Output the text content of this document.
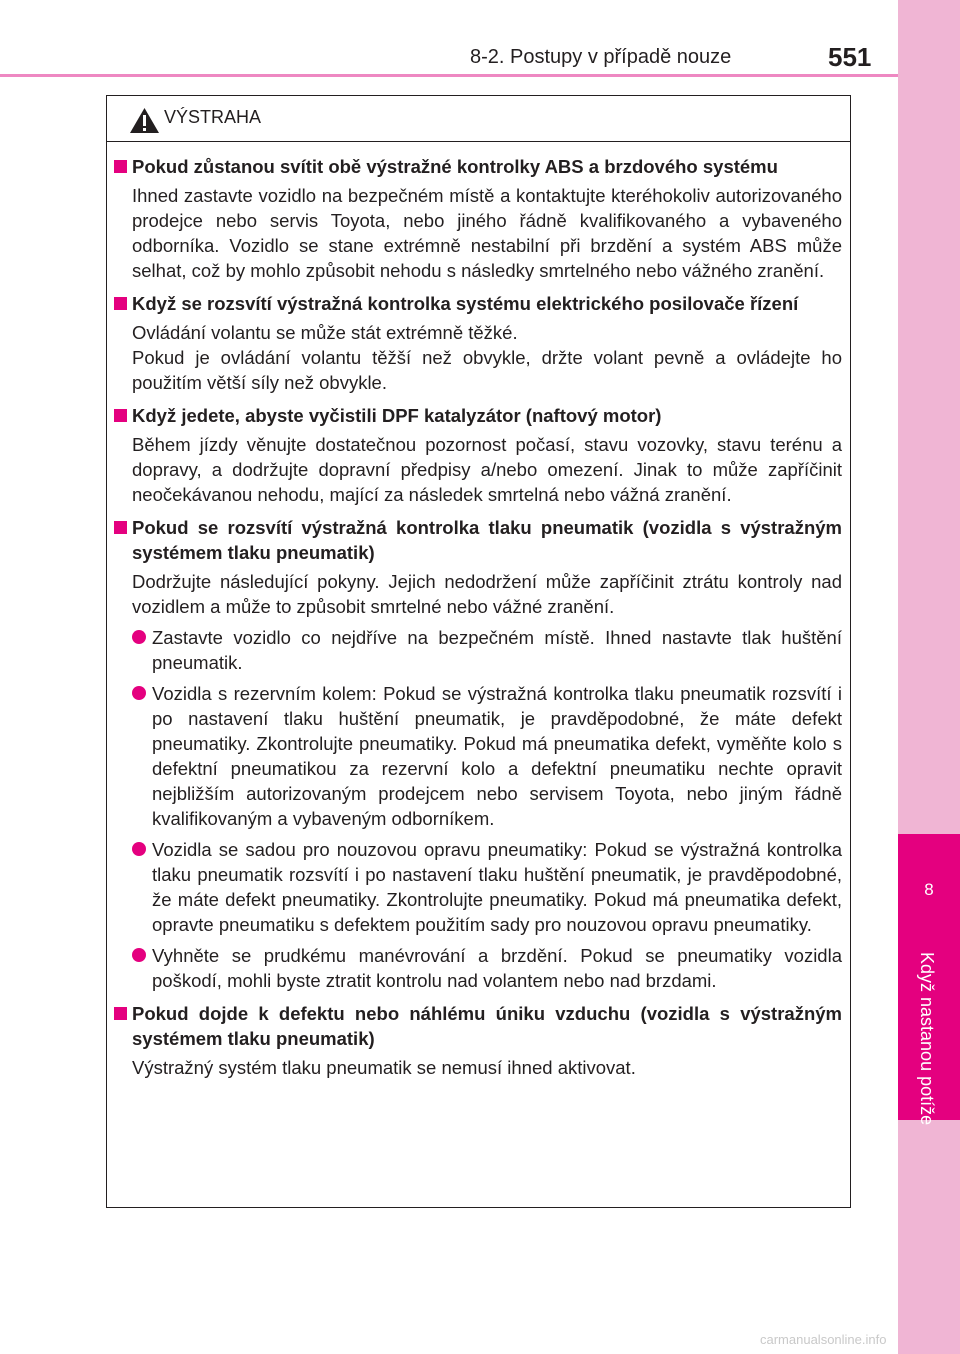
8
Když nastanou potíže
8-2. Postupy v případě nouze	551
VÝSTRAHA
Pokud zůstanou svítit obě výstražné kontrolky ABS a brzdového systému
Ihned zastavte vozidlo na bezpečném místě a kontaktujte kteréhokoliv autorizovaného prodejce nebo servis Toyota, nebo jiného řádně kvalifikovaného a vybaveného odborníka. Vozidlo se stane extrémně nestabilní při brzdění a systém ABS může selhat, což by mohlo způsobit nehodu s následky smrtelného nebo vážného zranění.
Když se rozsvítí výstražná kontrolka systému elektrického posilovače řízení
Ovládání volantu se může stát extrémně těžké.
Pokud je ovládání volantu těžší než obvykle, držte volant pevně a ovládejte ho použitím větší síly než obvykle.
Když jedete, abyste vyčistili DPF katalyzátor (naftový motor)
Během jízdy věnujte dostatečnou pozornost počasí, stavu vozovky, stavu terénu a dopravy, a dodržujte dopravní předpisy a/nebo omezení. Jinak to může zapříčinit neočekávanou nehodu, mající za následek smrtelná nebo vážná zranění.
Pokud se rozsvítí výstražná kontrolka tlaku pneumatik (vozidla s výstražným systémem tlaku pneumatik)
Dodržujte následující pokyny. Jejich nedodržení může zapříčinit ztrátu kontroly nad vozidlem a může to způsobit smrtelné nebo vážné zranění.
Zastavte vozidlo co nejdříve na bezpečném místě. Ihned nastavte tlak huštění pneumatik.
Vozidla s rezervním kolem: Pokud se výstražná kontrolka tlaku pneumatik rozsvítí i po nastavení tlaku huštění pneumatik, je pravděpodobné, že máte defekt pneumatiky. Zkontrolujte pneumatiky. Pokud má pneumatika defekt, vyměňte kolo s defektní pneumatikou za rezervní kolo a defektní pneumatiku nechte opravit nejbližším autorizovaným prodejcem nebo servisem Toyota, nebo jiným řádně kvalifikovaným a vybaveným odborníkem.
Vozidla se sadou pro nouzovou opravu pneumatiky: Pokud se výstražná kontrolka tlaku pneumatik rozsvítí i po nastavení tlaku huštění pneumatik, je pravděpodobné, že máte defekt pneumatiky. Zkontrolujte pneumatiky. Pokud má pneumatika defekt, opravte pneumatiku s defektem použitím sady pro nouzovou opravu pneumatiky.
Vyhněte se prudkému manévrování a brzdění. Pokud se pneumatiky vozidla poškodí, mohli byste ztratit kontrolu nad volantem nebo nad brzdami.
Pokud dojde k defektu nebo náhlému úniku vzduchu (vozidla s výstražným systémem tlaku pneumatik)
Výstražný systém tlaku pneumatik se nemusí ihned aktivovat.
carmanualsonline.info
